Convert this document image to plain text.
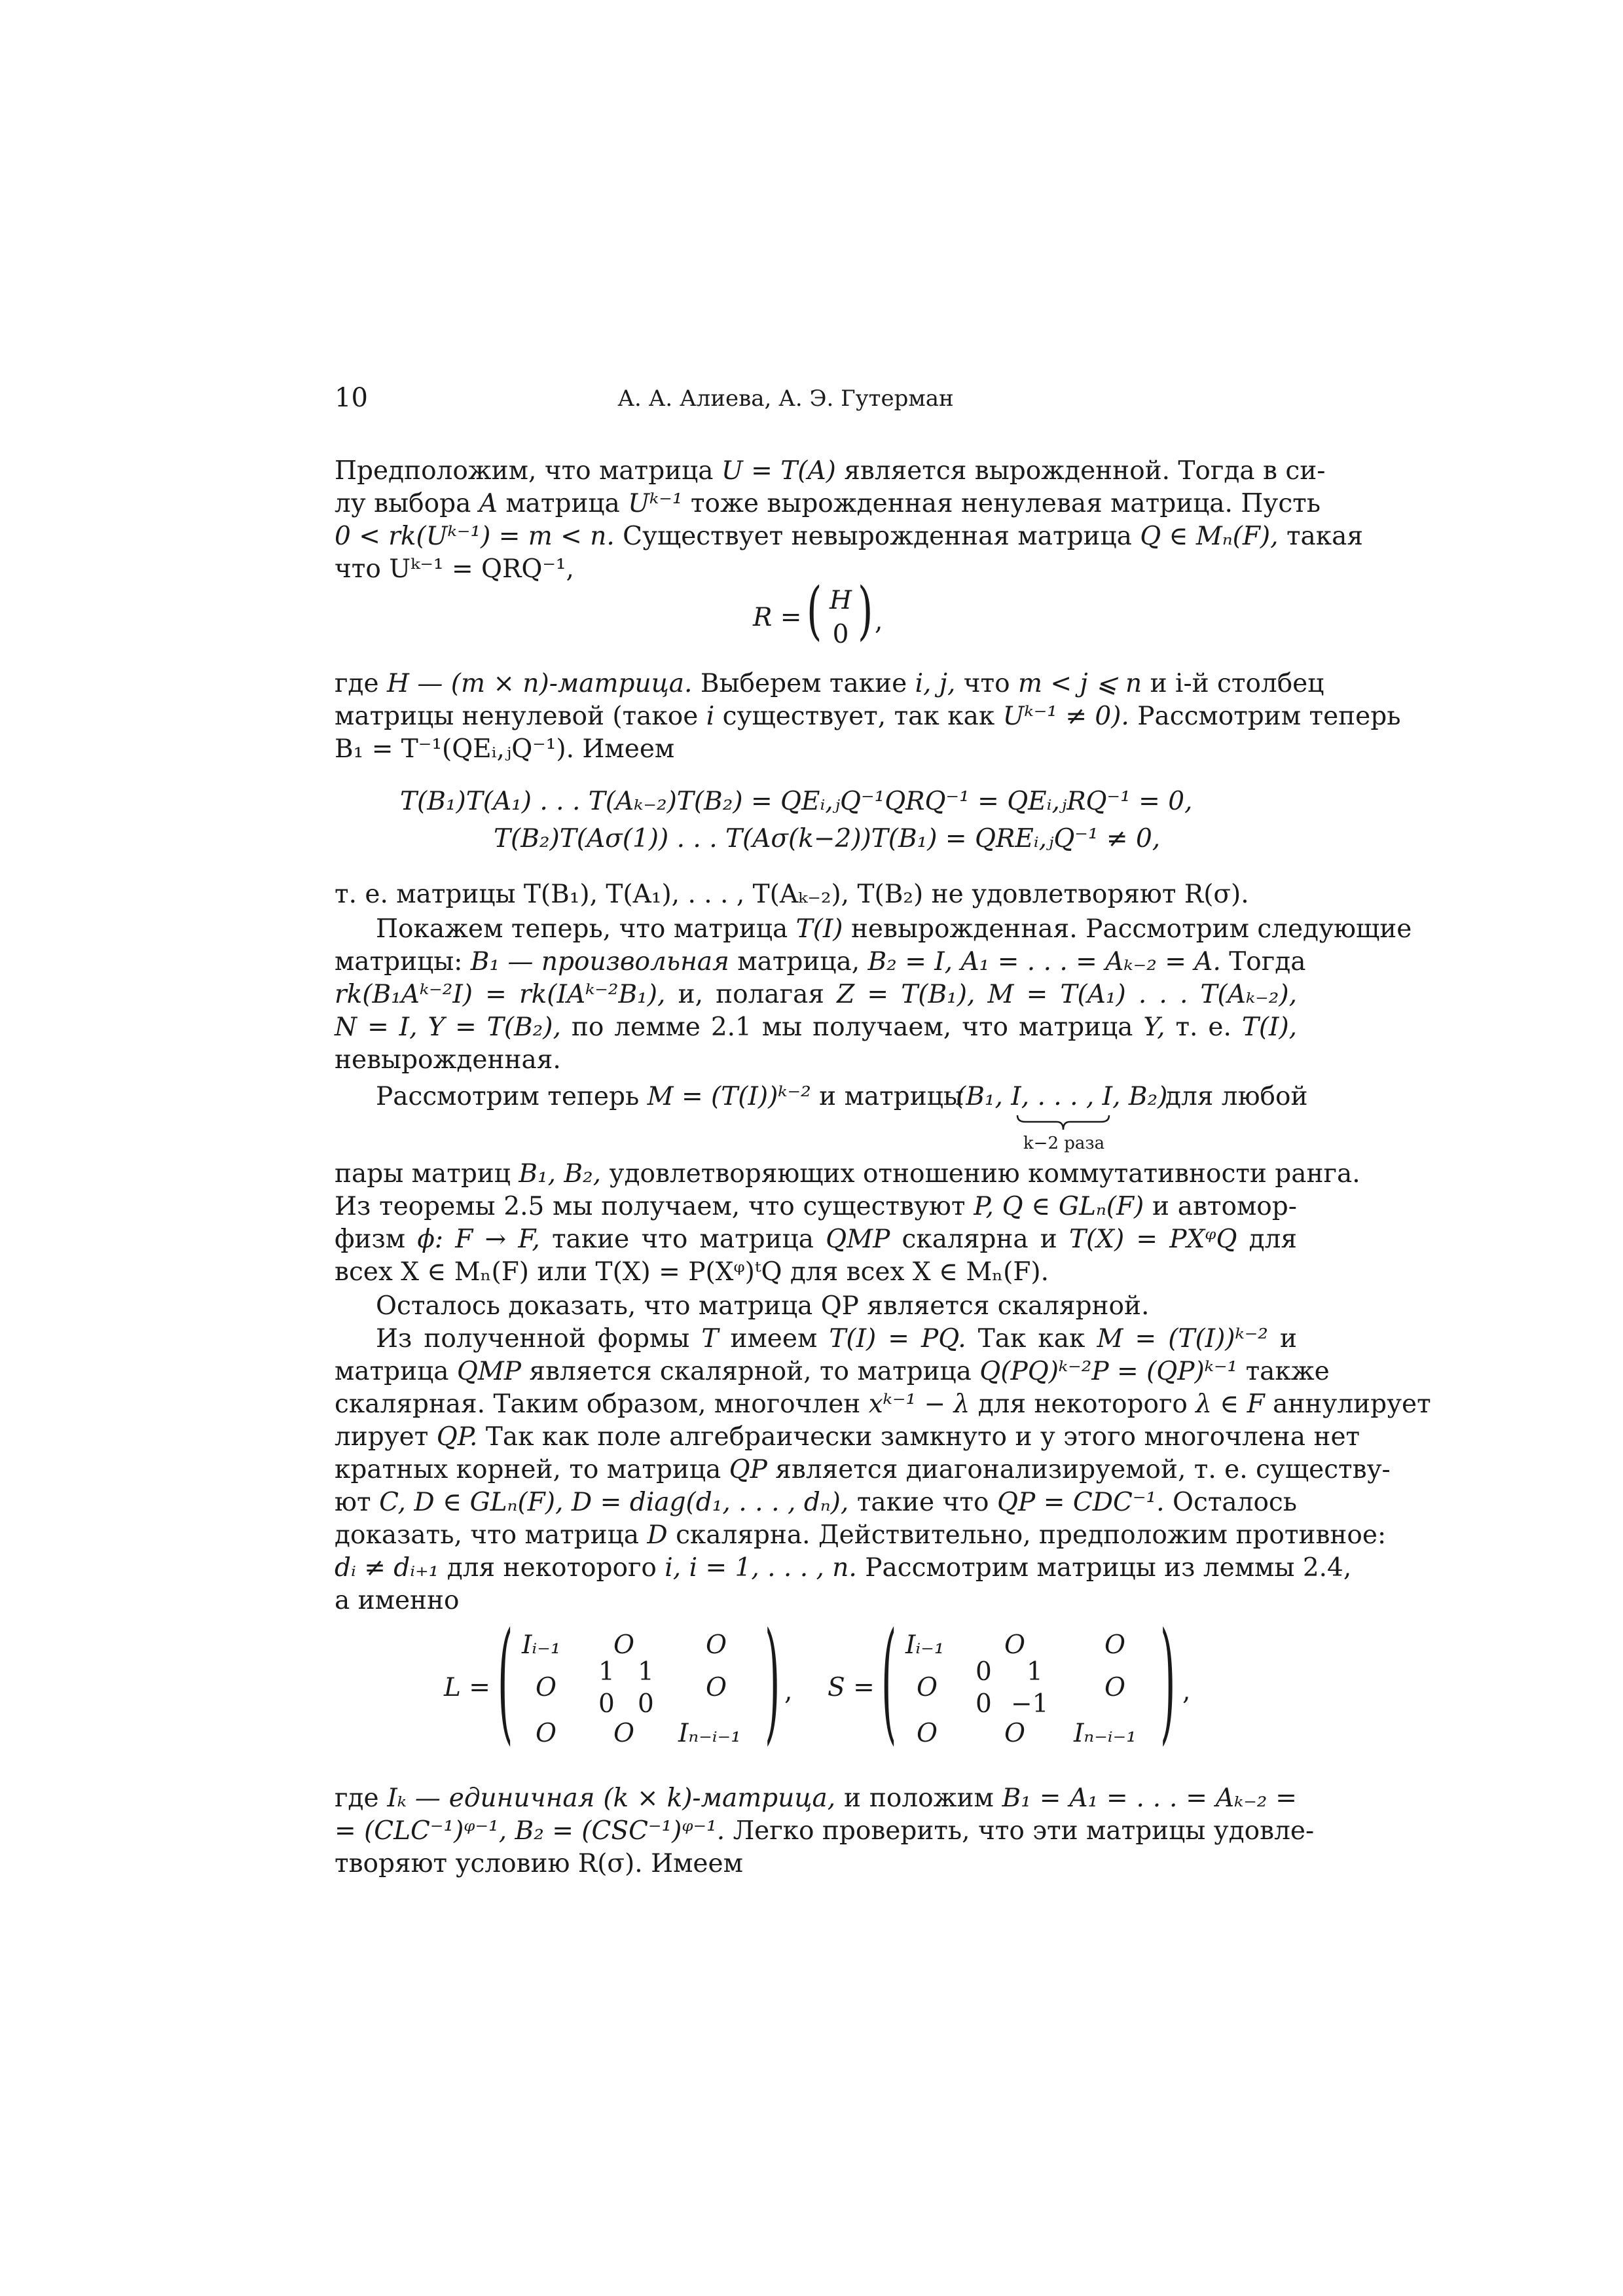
10	А. А. Алиева, А. Э. Гутерман
Предположим, что матрица U = T(A) является вырожденной. Тогда в си-
лу выбора A матрица Uᵏ⁻¹ тоже вырожденная ненулевая матрица. Пусть
0 < rk(Uᵏ⁻¹) = m < n. Существует невырожденная матрица Q ∈ Mₙ(F), такая
что Uᵏ⁻¹ = QRQ⁻¹,
R = ( H
0 ) ,
где H — (m × n)-матрица. Выберем такие i, j, что m < j ⩽ n и i-й столбец
матрицы ненулевой (такое i существует, так как Uᵏ⁻¹ ≠ 0). Рассмотрим теперь
B₁ = T⁻¹(QEᵢ,ⱼQ⁻¹). Имеем
T(B₁)T(A₁) . . . T(Aₖ₋₂)T(B₂) = QEᵢ,ⱼQ⁻¹QRQ⁻¹ = QEᵢ,ⱼRQ⁻¹ = 0,
T(B₂)T(Aσ(1)) . . . T(Aσ(k−2))T(B₁) = QREᵢ,ⱼQ⁻¹ ≠ 0,
т. е. матрицы T(B₁), T(A₁), . . . , T(Aₖ₋₂), T(B₂) не удовлетворяют R(σ).
Покажем теперь, что матрица T(I) невырожденная. Рассмотрим следующие
матрицы: B₁ — произвольная матрица, B₂ = I, A₁ = . . . = Aₖ₋₂ = A. Тогда
rk(B₁Aᵏ⁻²I) = rk(IAᵏ⁻²B₁), и, полагая Z = T(B₁), M = T(A₁) . . . T(Aₖ₋₂),
N = I, Y = T(B₂), по лемме 2.1 мы получаем, что матрица Y, т. е. T(I),
невырожденная.
Рассмотрим теперь M = (T(I))ᵏ⁻² и матрицы
(B₁, I, . . . , I, B₂)
для любой
k−2 раза
пары матриц B₁, B₂, удовлетворяющих отношению коммутативности ранга.
Из теоремы 2.5 мы получаем, что существуют P, Q ∈ GLₙ(F) и автомор-
физм ϕ: F → F, такие что матрица QMP скалярна и T(X) = PXᵠQ для
всех X ∈ Mₙ(F) или T(X) = P(Xᵠ)ᵗQ для всех X ∈ Mₙ(F).
Осталось доказать, что матрица QP является скалярной.
Из полученной формы T имеем T(I) = PQ. Так как M = (T(I))ᵏ⁻² и
матрица QMP является скалярной, то матрица Q(PQ)ᵏ⁻²P = (QP)ᵏ⁻¹ также
скалярная. Таким образом, многочлен xᵏ⁻¹ − λ для некоторого λ ∈ F аннулирует
лирует QP. Так как поле алгебраически замкнуто и у этого многочлена нет
кратных корней, то матрица QP является диагонализируемой, т. е. существу-
ют C, D ∈ GLₙ(F), D = diag(d₁, . . . , dₙ), такие что QP = CDC⁻¹. Осталось
доказать, что матрица D скалярна. Действительно, предположим противное:
dᵢ ≠ dᵢ₊₁ для некоторого i, i = 1, . . . , n. Рассмотрим матрицы из леммы 2.4,
а именно
L = ( Iᵢ₋₁ O	O
O
1 1
0 0
O
O O Iₙ₋ᵢ₋₁ ) , S = ( Iᵢ₋₁ O	O
O
0 1
0 −1
O
O	O Iₙ₋ᵢ₋₁ ) ,
где Iₖ — единичная (k × k)-матрица, и положим B₁ = A₁ = . . . = Aₖ₋₂ =
= (CLC⁻¹)ᵠ⁻¹, B₂ = (CSC⁻¹)ᵠ⁻¹. Легко проверить, что эти матрицы удовле-
творяют условию R(σ). Имеем
